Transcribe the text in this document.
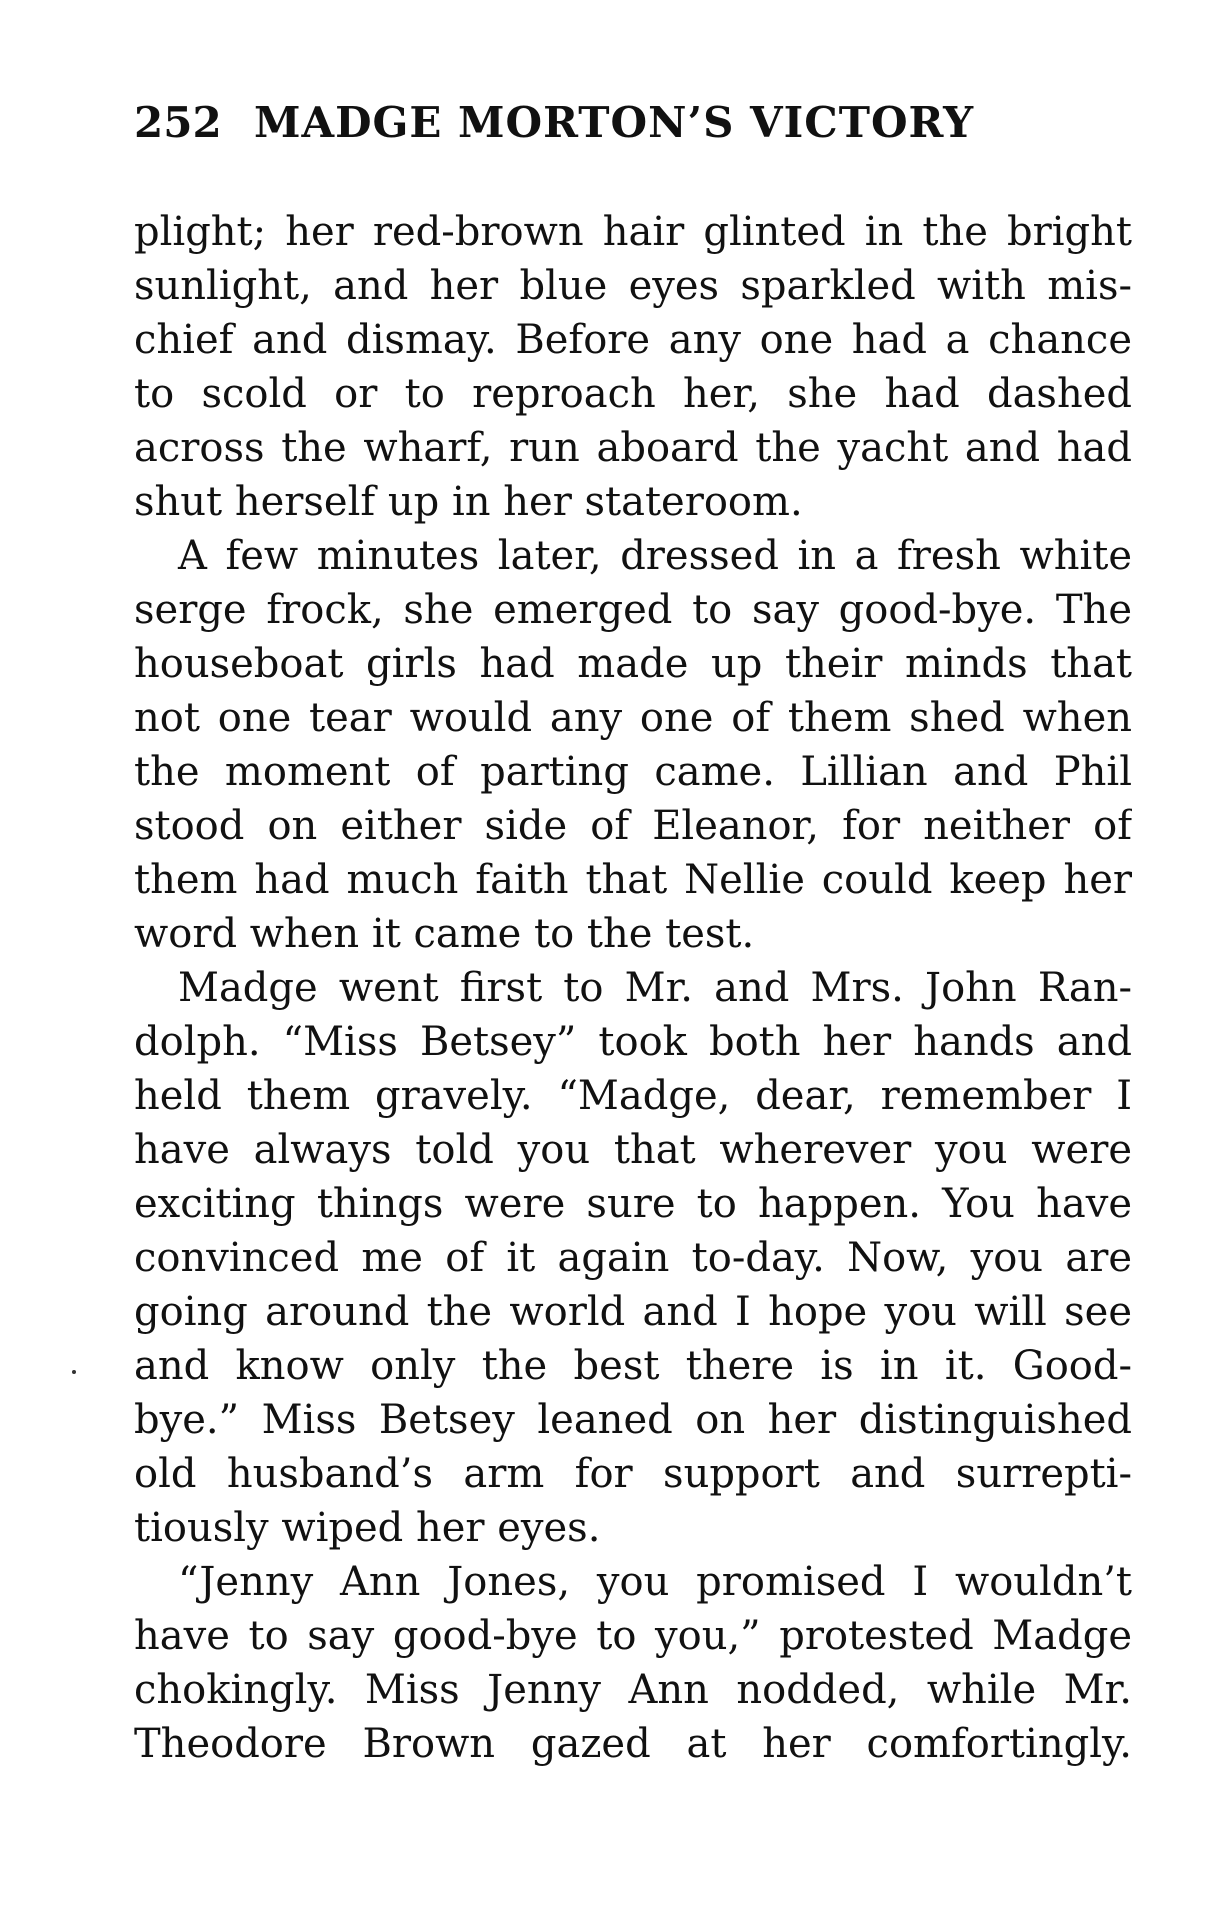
252 MADGE MORTON’S VICTORY
plight; her red-brown hair glinted in the bright
sunlight, and her blue eyes sparkled with mis-
chief and dismay. Before any one had a chance
to scold or to reproach her, she had dashed
across the wharf, run aboard the yacht and had
shut herself up in her stateroom.
A few minutes later, dressed in a fresh white
serge frock, she emerged to say good-bye. The
houseboat girls had made up their minds that
not one tear would any one of them shed when
the moment of parting came. Lillian and Phil
stood on either side of Eleanor, for neither of
them had much faith that Nellie could keep her
word when it came to the test.
Madge went first to Mr. and Mrs. John Ran-
dolph. “Miss Betsey” took both her hands and
held them gravely. “Madge, dear, remember I
have always told you that wherever you were
exciting things were sure to happen. You have
convinced me of it again to-day. Now, you are
going around the world and I hope you will see
and know only the best there is in it. Good-
bye.” Miss Betsey leaned on her distinguished
old husband’s arm for support and surrepti-
tiously wiped her eyes.
“Jenny Ann Jones, you promised I wouldn’t
have to say good-bye to you,” protested Madge
chokingly. Miss Jenny Ann nodded, while Mr.
Theodore Brown gazed at her comfortingly.
